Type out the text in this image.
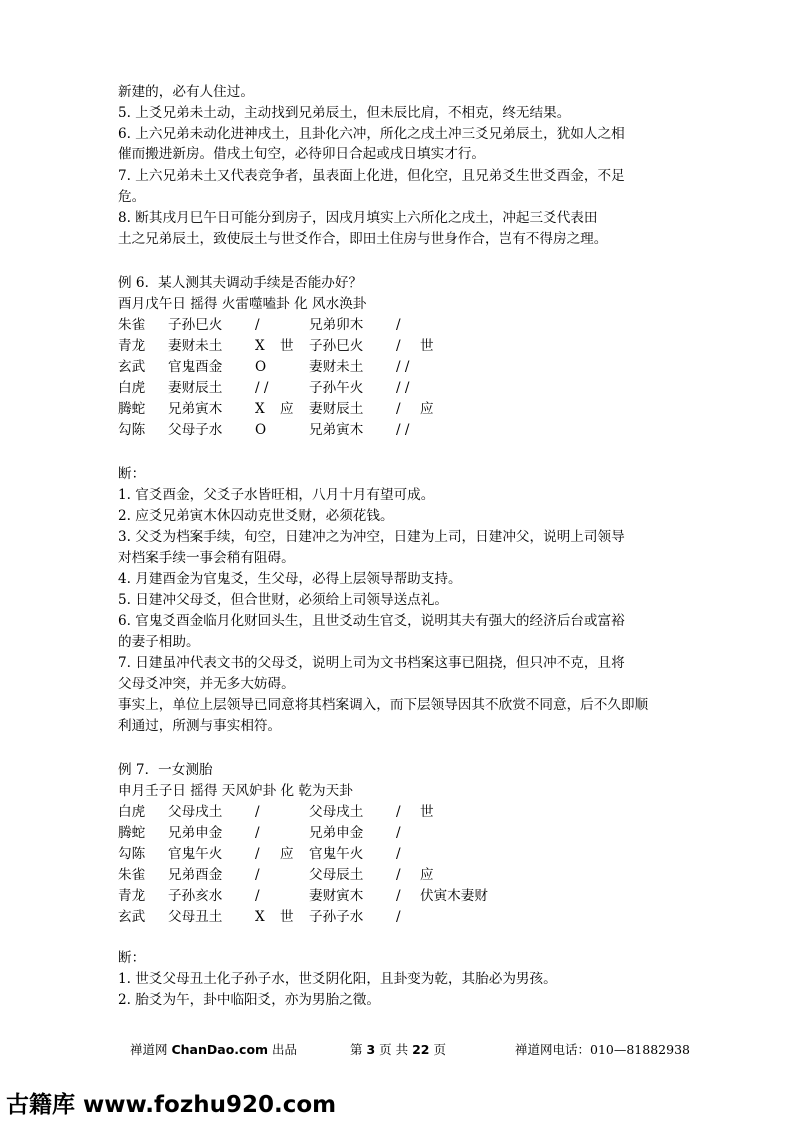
新建的，必有人住过。
5. 上爻兄弟未土动，主动找到兄弟辰土，但未辰比肩，不相克，终无结果。
6. 上六兄弟未动化进神戌土，且卦化六冲，所化之戌土冲三爻兄弟辰土，犹如人之相
催而搬进新房。借戌土旬空，必待卯日合起或戌日填实才行。
7. 上六兄弟未土又代表竞争者，虽表面上化进，但化空，且兄弟爻生世爻酉金，不足
危。
8. 断其戌月巳午日可能分到房子，因戌月填实上六所化之戌土，冲起三爻代表田
土之兄弟辰土，致使辰土与世爻作合，即田土住房与世身作合，岂有不得房之理。
例 6．某人测其夫调动手续是否能办好？
酉月戊午日 摇得 火雷噬嗑卦 化 风水涣卦
断：
1. 官爻酉金，父爻子水皆旺相，八月十月有望可成。
2. 应爻兄弟寅木休囚动克世爻财，必须花钱。
3. 父爻为档案手续，旬空，日建冲之为冲空，日建为上司，日建冲父，说明上司领导
对档案手续一事会稍有阻碍。
4. 月建酉金为官鬼爻，生父母，必得上层领导帮助支持。
5. 日建冲父母爻，但合世财，必须给上司领导送点礼。
6. 官鬼爻酉金临月化财回头生，且世爻动生官爻，说明其夫有强大的经济后台或富裕
的妻子相助。
7. 日建虽冲代表文书的父母爻，说明上司为文书档案这事已阻挠，但只冲不克，且将
父母爻冲突，并无多大妨碍。
事实上，单位上层领导已同意将其档案调入，而下层领导因其不欣赏不同意，后不久即顺
利通过，所测与事实相符。
例 7．一女测胎
申月壬子日 摇得 天风妒卦 化 乾为天卦
断：
1. 世爻父母丑土化子孙子水，世爻阴化阳，且卦变为乾，其胎必为男孩。
2. 胎爻为午，卦中临阳爻，亦为男胎之徵。
朱雀 子孙巳火 /	兄弟卯木 /
青龙 妻财未土 X 世 子孙巳火 / 世
玄武 官鬼酉金 O	妻财未土 / /
白虎 妻财辰土 / /	子孙午火 / /
腾蛇 兄弟寅木 X 应 妻财辰土 / 应
勾陈 父母子水 O	兄弟寅木 / /
白虎 父母戌土 /	父母戌土 / 世
腾蛇 兄弟申金 /	兄弟申金 /
勾陈 官鬼午火 / 应 官鬼午火 /
朱雀 兄弟酉金 /	父母辰土 / 应
青龙 子孙亥水 /	妻财寅木 / 伏寅木妻财
玄武 父母丑土 X 世 子孙子水 /
禅道网 ChanDao.com 出品	第 3 页 共 22 页	禅道网电话：010—81882938
古籍库 www.fozhu920.com
